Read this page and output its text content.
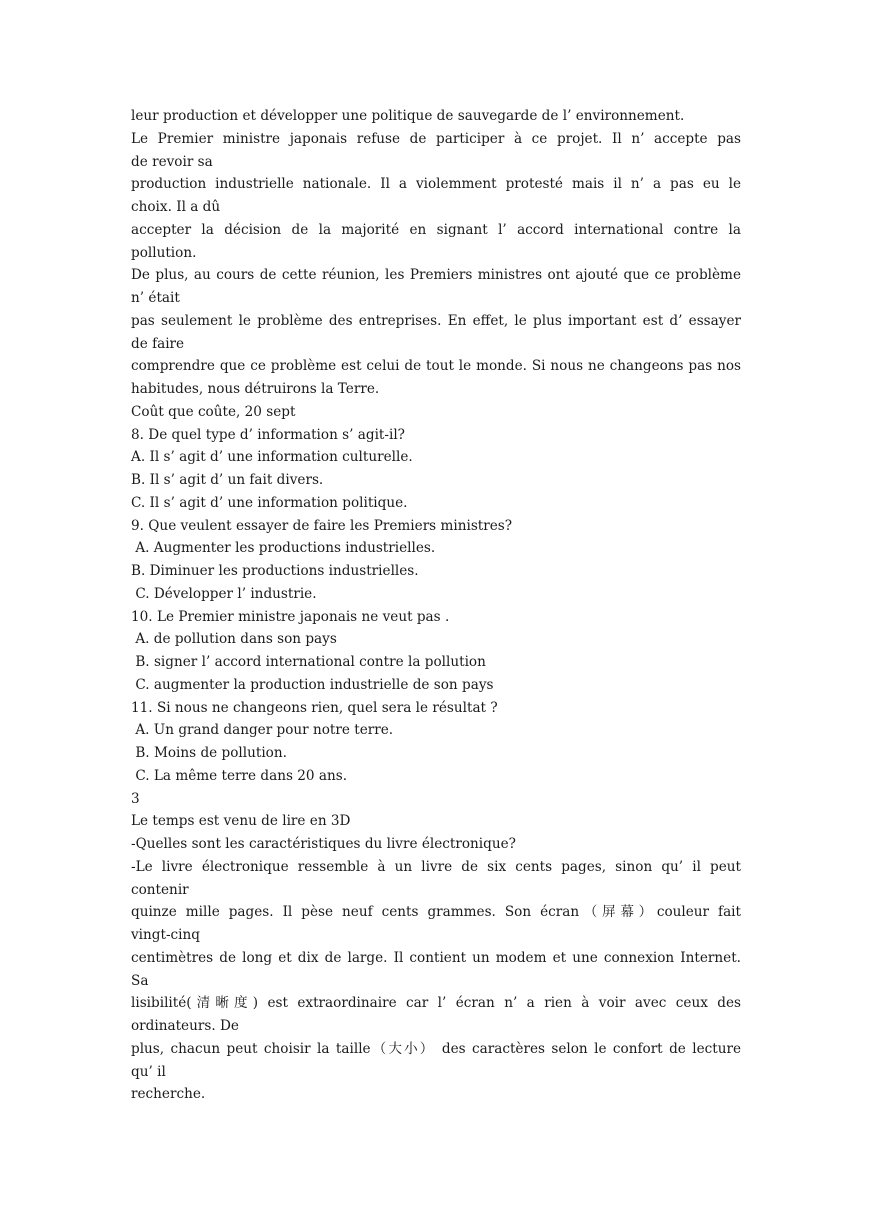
leur production et développer une politique de sauvegarde de l’ environnement.
Le Premier ministre japonais refuse de participer à ce projet. Il n’ accepte pas
de revoir sa
production industrielle nationale. Il a violemment protesté mais il n’ a pas eu le
choix. Il a dû
accepter la décision de la majorité en signant l’ accord international contre la
pollution.
De plus, au cours de cette réunion, les Premiers ministres ont ajouté que ce problème
n’ était
pas seulement le problème des entreprises. En effet, le plus important est d’ essayer
de faire
comprendre que ce problème est celui de tout le monde. Si nous ne changeons pas nos
habitudes, nous détruirons la Terre.
Coût que coûte, 20 sept
8. De quel type d’ information s’ agit-il?
A. Il s’ agit d’ une information culturelle.
B. Il s’ agit d’ un fait divers.
C. Il s’ agit d’ une information politique.
9. Que veulent essayer de faire les Premiers ministres?
A. Augmenter les productions industrielles.
B. Diminuer les productions industrielles.
C. Développer l’ industrie.
10. Le Premier ministre japonais ne veut pas .
A. de pollution dans son pays
B. signer l’ accord international contre la pollution
C. augmenter la production industrielle de son pays
11. Si nous ne changeons rien, quel sera le résultat ?
A. Un grand danger pour notre terre.
B. Moins de pollution.
C. La même terre dans 20 ans.
3
Le temps est venu de lire en 3D
-Quelles sont les caractéristiques du livre électronique?
-Le livre électronique ressemble à un livre de six cents pages, sinon qu’ il peut
contenir
quinze mille pages. Il pèse neuf cents grammes. Son écran（屏幕）couleur fait
vingt-cinq
centimètres de long et dix de large. Il contient un modem et une connexion Internet.
Sa
lisibilité(清晰度) est extraordinaire car l’ écran n’ a rien à voir avec ceux des
ordinateurs. De
plus, chacun peut choisir la taille（大小） des caractères selon le confort de lecture
qu’ il
recherche.
